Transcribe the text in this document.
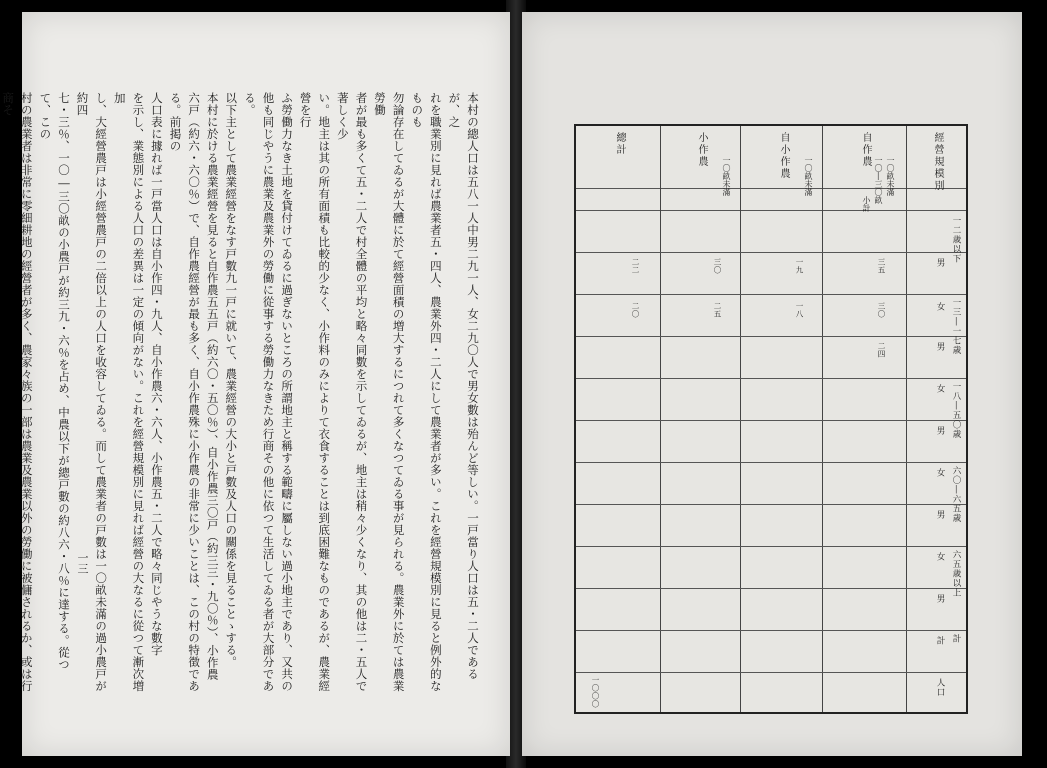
本村の總人口は五八一人中男二九一人、女二九〇人で男女數は殆んど等しい。一戸當り人口は五・二人であるが、之

れを職業別に見れば農業者五・四人、農業外四・二人にして農業者が多い。これを經營規模別に見ると例外的なものも

勿論存在してゐるが大體に於て經營面積の増大するにつれて多くなつてゐる事が見られる。農業外に於ては農業勞働

者が最も多くて五・二人で村全體の平均と略々同數を示してゐるが、地主は稍々少くなり、其の他は二・五人で著しく少

い。地主は其の所有面積も比較的少なく、小作料のみによりて衣食することは到底困難なものであるが、農業經營を行

ふ勞働力なき土地を貸付けてゐるに過ぎないところの所謂地主と稱する範疇に屬しない過小地主であり、又共の

他も同じやうに農業及農業外の勞働に從事する勞働力なきため行商その他に依つて生活してゐる者が大部分である。

以下主として農業經營をなす戸數九一戸に就いて、農業經營の大小と戸數及人口の關係を見ることゝする。

本村に於ける農業經營を見ると自作農五五戸（約六〇・五〇％）、自小作農三〇戸（約三三・九〇％）、小作農

六戸（約六・六〇％）で、自作農經營が最も多く、自小作農殊に小作農の非常に少いことは、この村の特徴である。前掲の

人口表に據れば一戸當人口は自小作四・九人、自小作農六・六人、小作農五・二人で略々同じやうな數字

を示し、業態別による人口の差異は一定の傾向がない。これを經營規模別に見れば經營の大なるに從つて漸次増加

し、大經營農戸は小經營農戸の二倍以上の人口を收容してゐる。而して農業者の戸數は一〇畝未滿の過小農戸が約四

七・三％、一〇―三〇畝の小農戸が約三九・六％を占め、中農以下が總戸數の約八六・八％に達する。從つて、この

村の農業者は非常に零細耕地の經營者が多く、農家々族の一部は農業及農業以外の勞働に被傭されるか、或は行商そ

一三
經營規模別
自作農
自小作農
小作農
總計
一〇畝未滿
一〇―三〇畝
小計
一〇畝未滿
一〇畝未滿
一二歳以下
一三―一七歳
一八―五〇歳
六〇―六五歳
六五歳以上
計
男
女
男
女
男
女
男
女
男
計
人口
三五
三〇
二四
一九
一八
三〇
二五
二二
二〇
一〇〇〇
